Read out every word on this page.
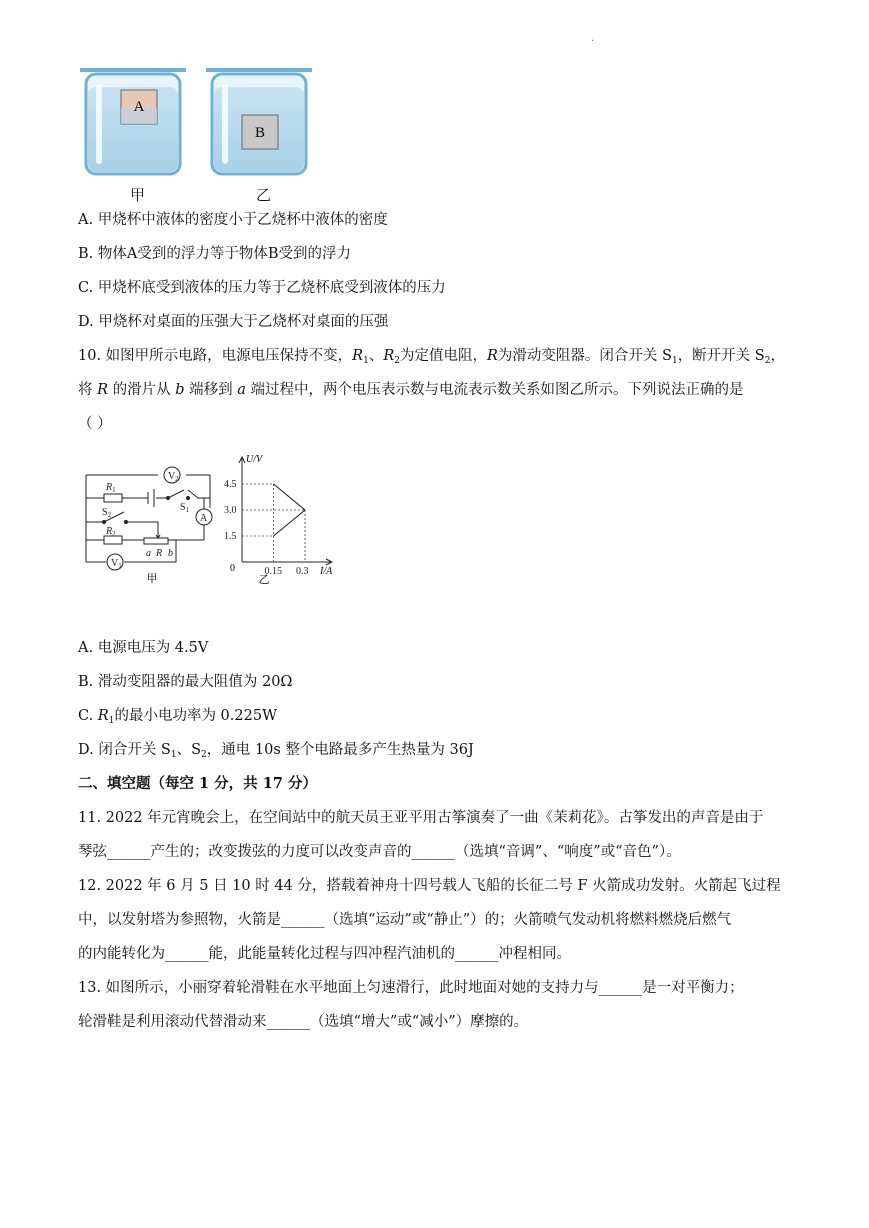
.
A
B
甲	乙
A. 甲烧杯中液体的密度小于乙烧杯中液体的密度
B. 物体A受到的浮力等于物体B受到的浮力
C. 甲烧杯底受到液体的压力等于乙烧杯底受到液体的压力
D. 甲烧杯对桌面的压强大于乙烧杯对桌面的压强
10. 如图甲所示电路，电源电压保持不变，$R_1$、$R_2$为定值电阻，R为滑动变阻器。闭合开关 $S_1$，断开开关 $S_2$，
将 R 的滑片从 b 端移到 a 端过程中，两个电压表示数与电流表示数关系如图乙所示。下列说法正确的是
（ ）
$V_2$
$R_1$
$S_1$
$S_2$	A
$R_2$
$V_1$
a R b
甲
4.5
3.0
1.5
0.15 0.3
U/V
I/A
0
乙
A. 电源电压为 4.5V
B. 滑动变阻器的最大阻值为 20Ω
C. $R_1$的最小电功率为 0.225W
D. 闭合开关 $S_1$、$S_2$，通电 10s 整个电路最多产生热量为 36J
二、填空题（每空 1 分，共 17 分）
11. 2022 年元宵晚会上，在空间站中的航天员王亚平用古筝演奏了一曲《茉莉花》。古筝发出的声音是由于
琴弦______产生的；改变拨弦的力度可以改变声音的______（选填“音调”、“响度”或“音色”）。
12. 2022 年 6 月 5 日 10 时 44 分，搭载着神舟十四号载人飞船的长征二号 F 火箭成功发射。火箭起飞过程
中，以发射塔为参照物，火箭是______（选填“运动”或“静止”）的；火箭喷气发动机将燃料燃烧后燃气
的内能转化为______能，此能量转化过程与四冲程汽油机的______冲程相同。
13. 如图所示，小丽穿着轮滑鞋在水平地面上匀速滑行，此时地面对她的支持力与______是一对平衡力；
轮滑鞋是利用滚动代替滑动来______（选填“增大”或“减小”）摩擦的。
